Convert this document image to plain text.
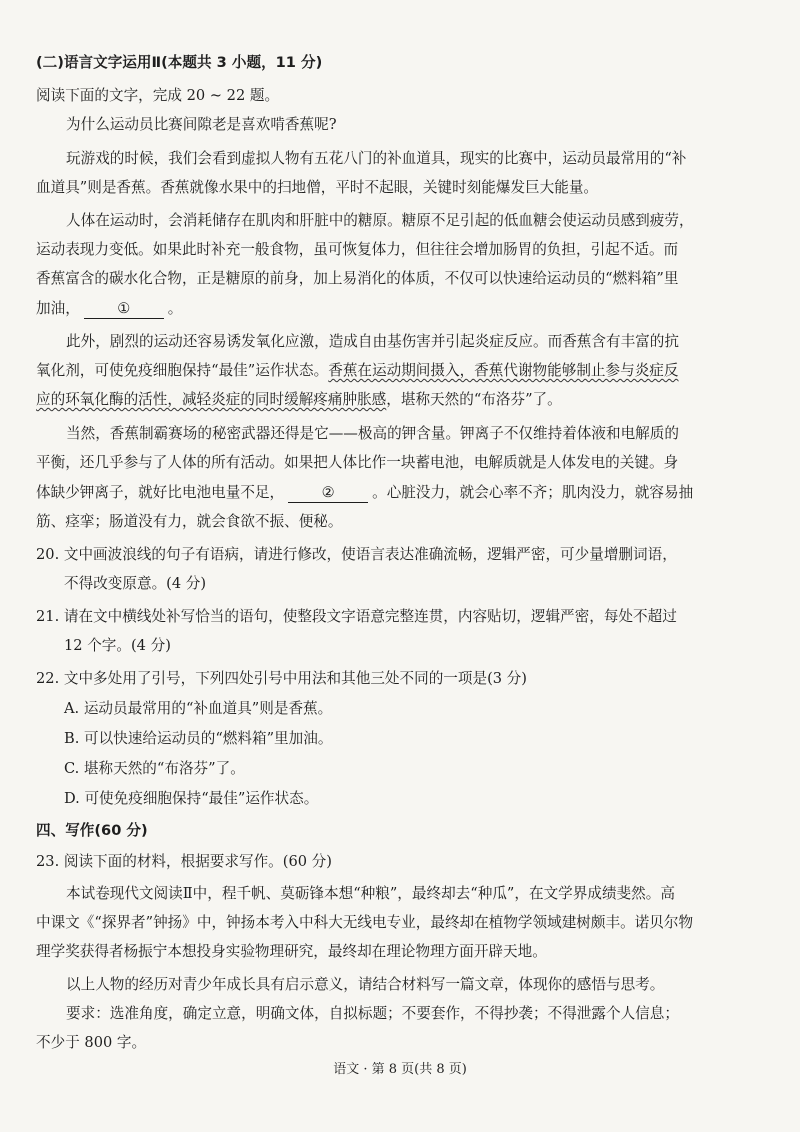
(二)语言文字运用Ⅱ(本题共 3 小题，11 分)
阅读下面的文字，完成 20 ~ 22 题。
为什么运动员比赛间隙老是喜欢啃香蕉呢?
玩游戏的时候，我们会看到虚拟人物有五花八门的补血道具，现实的比赛中，运动员最常用的“补
血道具”则是香蕉。香蕉就像水果中的扫地僧，平时不起眼，关键时刻能爆发巨大能量。
人体在运动时，会消耗储存在肌肉和肝脏中的糖原。糖原不足引起的低血糖会使运动员感到疲劳，
运动表现力变低。如果此时补充一般食物，虽可恢复体力，但往往会增加肠胃的负担，引起不适。而
香蕉富含的碳水化合物，正是糖原的前身，加上易消化的体质，不仅可以快速给运动员的“燃料箱”里
加油，	①	。
此外，剧烈的运动还容易诱发氧化应激，造成自由基伤害并引起炎症反应。而香蕉含有丰富的抗
氧化剂，可使免疫细胞保持“最佳”运作状态。香蕉在运动期间摄入，香蕉代谢物能够制止参与炎症反
应的环氧化酶的活性，减轻炎症的同时缓解疼痛肿胀感，堪称天然的“布洛芬”了。
当然，香蕉制霸赛场的秘密武器还得是它——极高的钾含量。钾离子不仅维持着体液和电解质的
平衡，还几乎参与了人体的所有活动。如果把人体比作一块蓄电池，电解质就是人体发电的关键。身
体缺少钾离子，就好比电池电量不足，	②	。心脏没力，就会心率不齐；肌肉没力，就容易抽
筋、痉挛；肠道没有力，就会食欲不振、便秘。
20. 文中画波浪线的句子有语病，请进行修改，使语言表达准确流畅，逻辑严密，可少量增删词语，
不得改变原意。(4 分)
21. 请在文中横线处补写恰当的语句，使整段文字语意完整连贯，内容贴切，逻辑严密，每处不超过
12 个字。(4 分)
22. 文中多处用了引号，下列四处引号中用法和其他三处不同的一项是(3 分)
A. 运动员最常用的“补血道具”则是香蕉。
B. 可以快速给运动员的“燃料箱”里加油。
C. 堪称天然的“布洛芬”了。
D. 可使免疫细胞保持“最佳”运作状态。
四、写作(60 分)
23. 阅读下面的材料，根据要求写作。(60 分)
本试卷现代文阅读Ⅱ中，程千帆、莫砺锋本想“种粮”，最终却去“种瓜”，在文学界成绩斐然。高
中课文《“探界者”钟扬》中，钟扬本考入中科大无线电专业，最终却在植物学领域建树颇丰。诺贝尔物
理学奖获得者杨振宁本想投身实验物理研究，最终却在理论物理方面开辟天地。
以上人物的经历对青少年成长具有启示意义，请结合材料写一篇文章，体现你的感悟与思考。
要求：选准角度，确定立意，明确文体，自拟标题；不要套作，不得抄袭；不得泄露个人信息；
不少于 800 字。
语文 · 第 8 页(共 8 页)
